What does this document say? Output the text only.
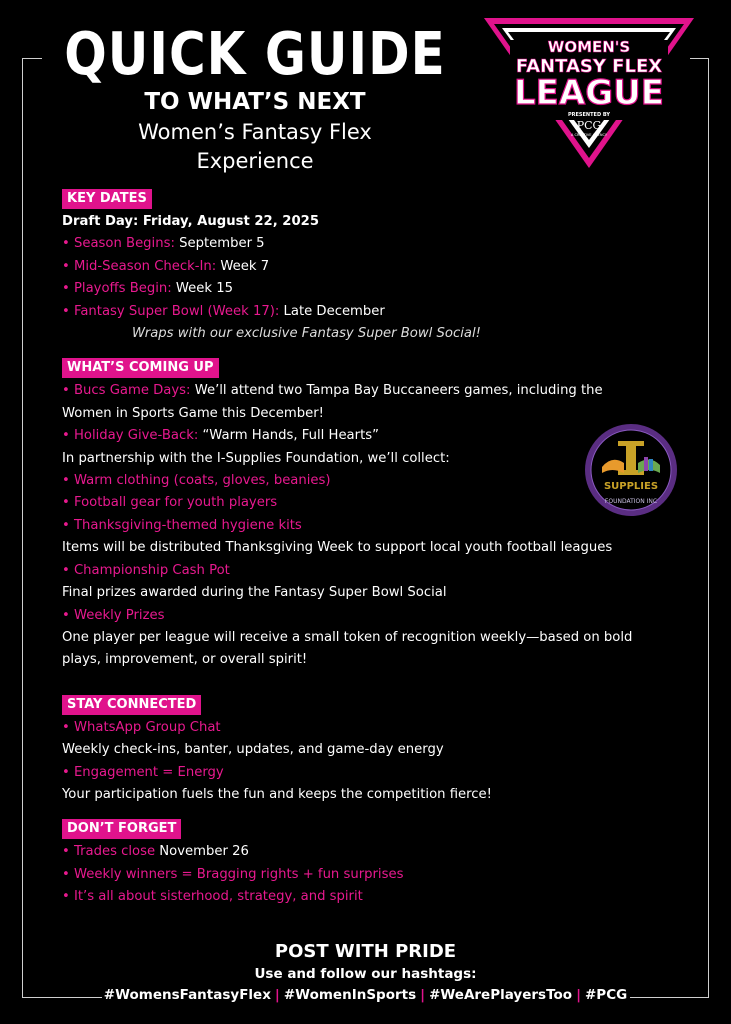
QUICK GUIDE
TO WHAT’S NEXT
Women’s Fantasy Flex
Experience
WOMEN'S
FANTASY FLEX
LEAGUE
PRESENTED BY
PCG
A CREATIVE AGENCY
KEY DATES
Draft Day: Friday, August 22, 2025
• Season Begins: September 5
• Mid-Season Check-In: Week 7
• Playoffs Begin: Week 15
• Fantasy Super Bowl (Week 17): Late December
Wraps with our exclusive Fantasy Super Bowl Social!
WHAT’S COMING UP
• Bucs Game Days: We’ll attend two Tampa Bay Buccaneers games, including the
Women in Sports Game this December!
• Holiday Give-Back: “Warm Hands, Full Hearts”
In partnership with the I-Supplies Foundation, we’ll collect:
• Warm clothing (coats, gloves, beanies)
• Football gear for youth players
• Thanksgiving-themed hygiene kits
Items will be distributed Thanksgiving Week to support local youth football leagues
• Championship Cash Pot
Final prizes awarded during the Fantasy Super Bowl Social
• Weekly Prizes
One player per league will receive a small token of recognition weekly—based on bold
plays, improvement, or overall spirit!
STAY CONNECTED
• WhatsApp Group Chat
Weekly check-ins, banter, updates, and game-day energy
• Engagement = Energy
Your participation fuels the fun and keeps the competition fierce!
DON’T FORGET
• Trades close November 26
• Weekly winners = Bragging rights + fun surprises
• It’s all about sisterhood, strategy, and spirit
SUPPLIES
FOUNDATION INC
POST WITH PRIDE
Use and follow our hashtags:
#WomensFantasyFlex | #WomenInSports | #WeArePlayersToo | #PCG
